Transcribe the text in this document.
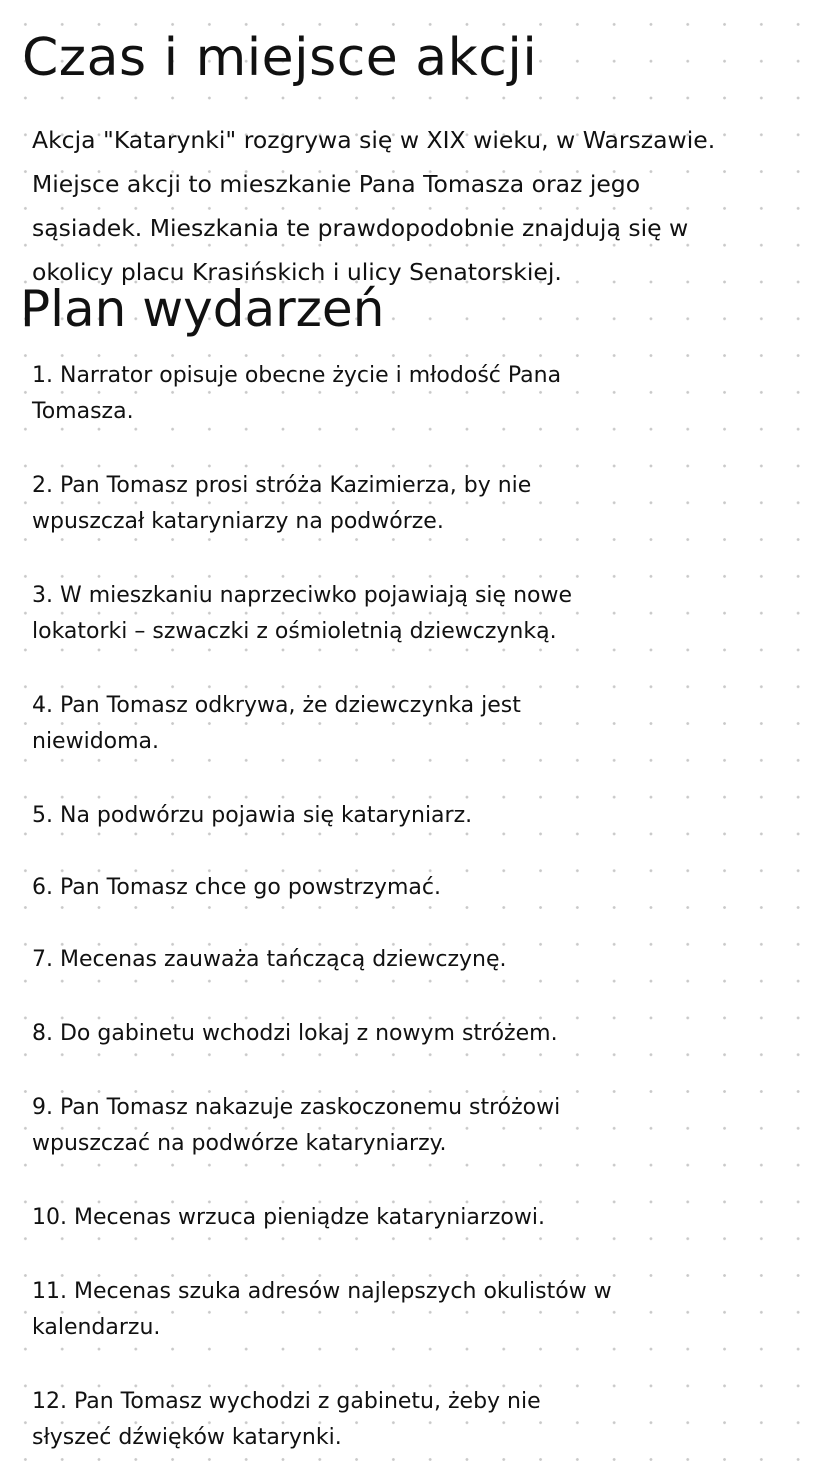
Czas i miejsce akcji

Akcja "Katarynki" rozgrywa się w XIX wieku, w Warszawie.
Miejsce akcji to mieszkanie Pana Tomasza oraz jego
sąsiadek. Mieszkania te prawdopodobnie znajdują się w
okolicy placu Krasińskich i ulicy Senatorskiej.

Plan wydarzeń
1. Narrator opisuje obecne życie i młodość Pana
Tomasza.
2. Pan Tomasz prosi stróża Kazimierza, by nie
wpuszczał kataryniarzy na podwórze.
3. W mieszkaniu naprzeciwko pojawiają się nowe
lokatorki – szwaczki z ośmioletnią dziewczynką.
4. Pan Tomasz odkrywa, że dziewczynka jest
niewidoma.
5. Na podwórzu pojawia się kataryniarz.
6. Pan Tomasz chce go powstrzymać.
7. Mecenas zauważa tańczącą dziewczynę.
8. Do gabinetu wchodzi lokaj z nowym stróżem.
9. Pan Tomasz nakazuje zaskoczonemu stróżowi
wpuszczać na podwórze kataryniarzy.
10. Mecenas wrzuca pieniądze kataryniarzowi.
11. Mecenas szuka adresów najlepszych okulistów w
kalendarzu.
12. Pan Tomasz wychodzi z gabinetu, żeby nie
słyszeć dźwięków katarynki.
